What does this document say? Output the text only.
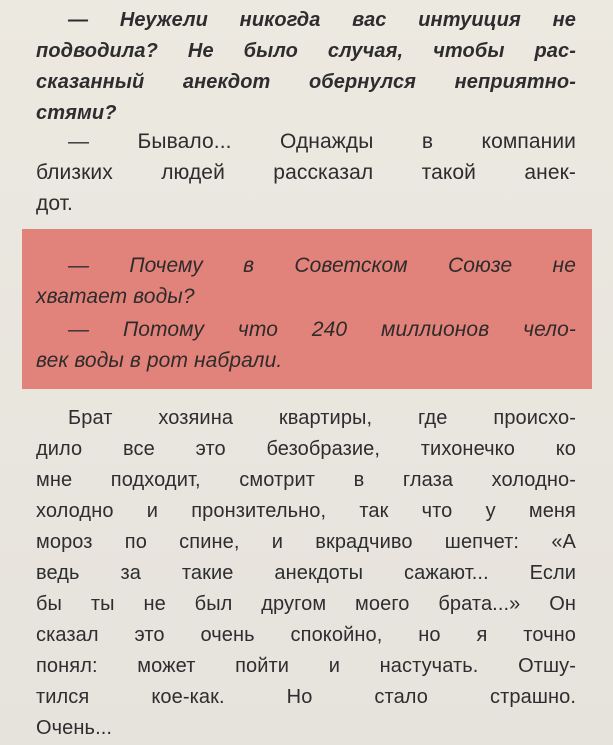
— Неужели никогда вас интуиция не
подводила? Не было случая, чтобы рас-
сказанный анекдот обернулся неприятно-
стями?
— Бывало... Однажды в компании
близких людей рассказал такой анек-
дот.
— Почему в Советском Союзе не
хватает воды?
— Потому что 240 миллионов чело-
век воды в рот набрали.
Брат хозяина квартиры, где происхо-
дило все это безобразие, тихонечко ко
мне подходит, смотрит в глаза холодно-
холодно и пронзительно, так что у меня
мороз по спине, и вкрадчиво шепчет: «А
ведь за такие анекдоты сажают... Если
бы ты не был другом моего брата...» Он
сказал это очень спокойно, но я точно
понял: может пойти и настучать. Отшу-
тился кое-как. Но стало страшно.
Очень...
